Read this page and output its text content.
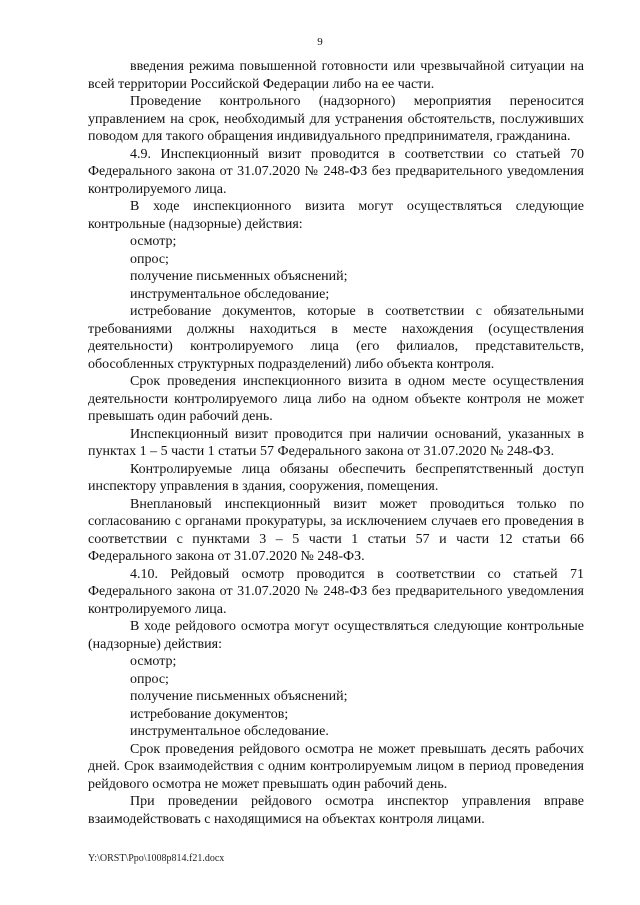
9

введения режима повышенной готовности или чрезвычайной ситуации на всей территории Российской Федерации либо на ее части.

Проведение контрольного (надзорного) мероприятия переносится управлением на срок, необходимый для устранения обстоятельств, послуживших поводом для такого обращения индивидуального предпринимателя, гражданина.

4.9. Инспекционный визит проводится в соответствии со статьей 70 Федерального закона от 31.07.2020 № 248-ФЗ без предварительного уведомления контролируемого лица.

В ходе инспекционного визита могут осуществляться следующие контрольные (надзорные) действия:

осмотр;

опрос;

получение письменных объяснений;

инструментальное обследование;

истребование документов, которые в соответствии с обязательными требованиями должны находиться в месте нахождения (осуществления деятельности) контролируемого лица (его филиалов, представительств, обособленных структурных подразделений) либо объекта контроля.

Срок проведения инспекционного визита в одном месте осуществления деятельности контролируемого лица либо на одном объекте контроля не может превышать один рабочий день.

Инспекционный визит проводится при наличии оснований, указанных в пунктах 1 – 5 части 1 статьи 57 Федерального закона от 31.07.2020 № 248-ФЗ.

Контролируемые лица обязаны обеспечить беспрепятственный доступ инспектору управления в здания, сооружения, помещения.

Внеплановый инспекционный визит может проводиться только по согласованию с органами прокуратуры, за исключением случаев его проведения в соответствии с пунктами 3 – 5 части 1 статьи 57 и части 12 статьи 66 Федерального закона от 31.07.2020 № 248-ФЗ.

4.10. Рейдовый осмотр проводится в соответствии со статьей 71 Федерального закона от 31.07.2020 № 248-ФЗ без предварительного уведомления контролируемого лица.

В ходе рейдового осмотра могут осуществляться следующие контрольные (надзорные) действия:

осмотр;

опрос;

получение письменных объяснений;

истребование документов;

инструментальное обследование.

Срок проведения рейдового осмотра не может превышать десять рабочих дней. Срок взаимодействия с одним контролируемым лицом в период проведения рейдового осмотра не может превышать один рабочий день.

При проведении рейдового осмотра инспектор управления вправе взаимодействовать с находящимися на объектах контроля лицами.

Y:\ORST\Ppo\1008p814.f21.docx
